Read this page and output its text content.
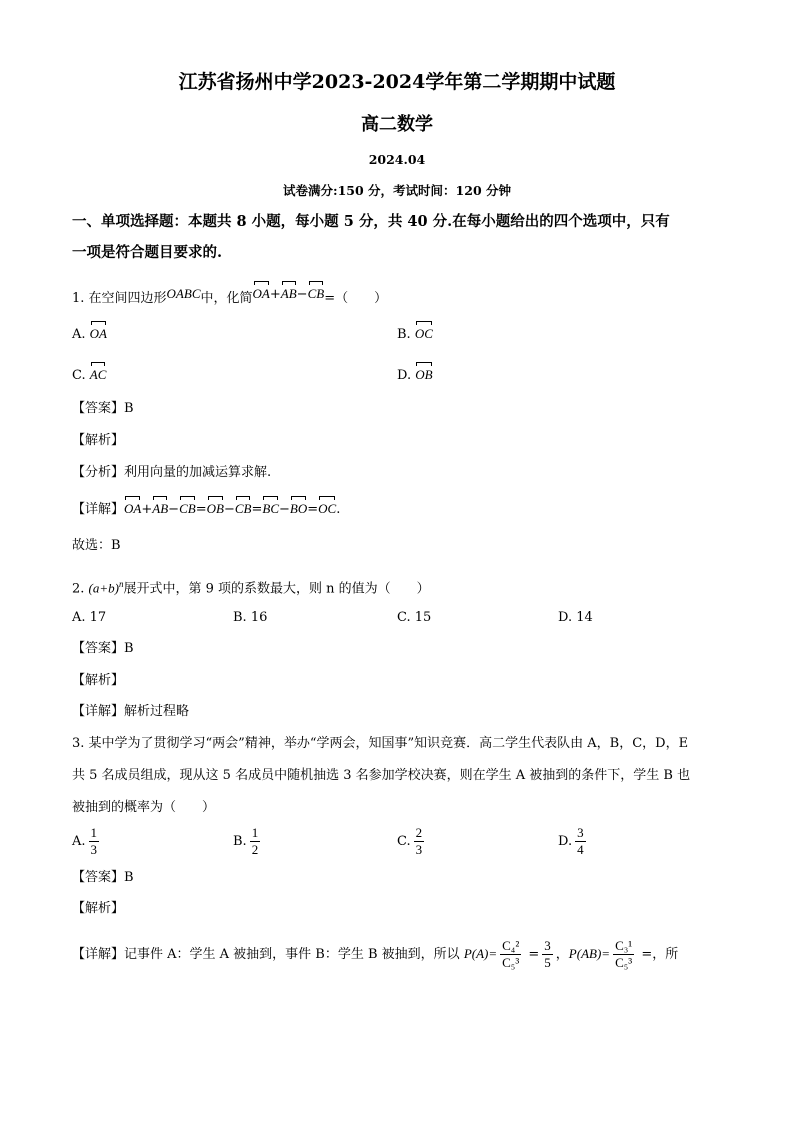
江苏省扬州中学2023-2024学年第二学期期中试题
高二数学
2024.04
试卷满分:150 分，考试时间：120 分钟
一、单项选择题：本题共 8 小题，每小题 5 分，共 40 分.在每小题给出的四个选项中，只有
一项是符合题目要求的.
1. 在空间四边形OABC中，化简OA+AB−CB=（　　）
A. OA	B. OC
C. AC	D. OB
【答案】B
【解析】
【分析】利用向量的加减运算求解.
【详解】OA+AB−CB=OB−CB=BC−BO=OC.
故选：B
2. $(a+b)^n$展开式中，第 9 项的系数最大，则 n 的值为（　　）
A. 17	B. 16	C. 15	D. 14
【答案】B
【解析】
【详解】解析过程略
3. 某中学为了贯彻学习“两会”精神，举办“学两会，知国事”知识竞赛．高二学生代表队由 A，B，C，D，E
共 5 名成员组成，现从这 5 名成员中随机抽选 3 名参加学校决赛，则在学生 A 被抽到的条件下，学生 B 也
被抽到的概率为（　　）
A. $\frac{1}{3}$	B. $\frac{1}{2}$	C. $\frac{2}{3}$	D. $\frac{3}{4}$
【答案】B
【解析】
【详解】记事件 A：学生 A 被抽到，事件 B：学生 B 被抽到，所以 $P(A)= \frac{\text{C₄²}}{\text{C₅³}} = \frac{3}{5}$ ，$P(AB)= \frac{\text{C₃¹}}{\text{C₅³}}$ =，所
